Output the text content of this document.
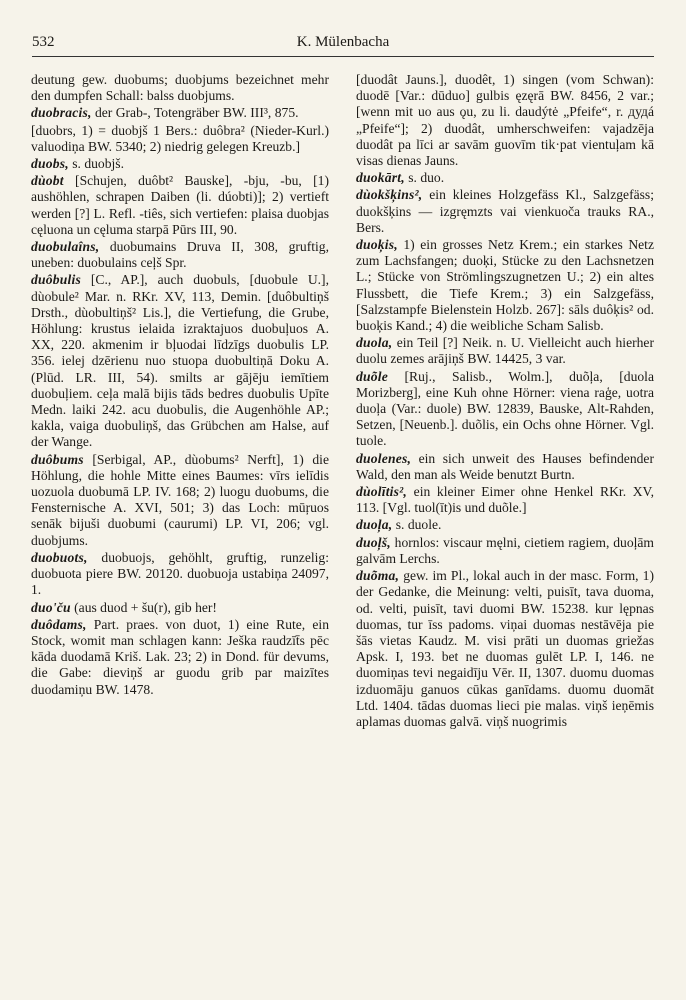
532	K. Mülenbacha

deutung gew. duobums; duobjums bezeichnet mehr den dumpfen Schall: balss duobjums.

duobracis, der Grab-, Totengräber BW. III³, 875.

[duobrs, 1) = duobjš 1 Bers.: duôbra² (Nieder-Kurl.) valuodiņa BW. 5340; 2) niedrig gelegen Kreuzb.]

duobs, s. duobjš.

dùobt [Schujen, duôbt² Bauske], -bju, -bu, [1) aushöhlen, schrapen Daiben (li. dúobti)]; 2) vertieft werden [?] L. Refl. -tiês, sich vertiefen: plaisa duobjas cęluona un cęluma starpā Pūrs III, 90.

duobulaîns, duobumains Druva II, 308, gruftig, uneben: duobulains ceļš Spr.

duôbulis [C., AP.], auch duobuls, [duobule U.], dùobule² Mar. n. RKr. XV, 113, Demin. [duôbultiņš Drsth., dùobultiņš² Lis.], die Vertiefung, die Grube, Höhlung: krustus ielaida izraktajuos duobuļuos A. XX, 220. akmenim ir bļuodai līdzīgs duobulis LP. 356. ielej dzērienu nuo stuopa duobultiņā Doku A. (Plūd. LR. III, 54). smilts ar gājēju iemītiem duobuļiem. ceļa malā bijis tāds bedres duobulis Upīte Medn. laiki 242. acu duobulis, die Augenhöhle AP.; kakla, vaiga duobuliņš, das Grübchen am Halse, auf der Wange.

duôbums [Serbigal, AP., dùobums² Nerft], 1) die Höhlung, die hohle Mitte eines Baumes: vīrs ielīdis uozuola duobumā LP. IV. 168; 2) luogu duobums, die Fensternische A. XVI, 501; 3) das Loch: mūŗuos senāk bijuši duobumi (caurumi) LP. VI, 206; vgl. duobjums.

duobuots, duobuojs, gehöhlt, gruftig, runzelig: duobuota piere BW. 20120. duobuoja ustabiņa 24097, 1.

duo'ču (aus duod + šu(r), gib her!

duôdams, Part. praes. von duot, 1) eine Rute, ein Stock, womit man schlagen kann: Ješka raudzīt̄s pēc kāda duodamā Kriš. Lak. 23; 2) in Dond. für devums, die Gabe: dieviņš ar guodu grib par maizītes duodamiņu BW. 1478.

[duodât Jauns.], duodêt, 1) singen (vom Schwan): duodē [Var.: dūduo] gulbis ęzęrā BW. 8456, 2 var.; [wenn mit uo aus ǫu, zu li. daudýtė „Pfeife“, r. дудá „Pfeife“]; 2) duodât, umherschweifen: vajadzēja duodât pa līci ar savām guovīm tik·pat vientuļam kā visas dienas Jauns.

duokārt, s. duo.

dùokšķins², ein kleines Holzgefäss Kl., Salzgefäss; duokšķins — izgręmzts vai vienkuoča trauks RA., Bers.

duoķis, 1) ein grosses Netz Krem.; ein starkes Netz zum Lachsfangen; duoķi, Stücke zu den Lachsnetzen L.; Stücke von Strömlingszugnetzen U.; 2) ein altes Flussbett, die Tiefe Krem.; 3) ein Salzgefäss, [Salzstampfe Bielenstein Holzb. 267]: sāls duôķis² od. buoķis Kand.; 4) die weibliche Scham Salisb.

duola, ein Teil [?] Neik. n. U. Vielleicht auch hierher duolu zemes arājiņš BW. 14425, 3 var.

duõle [Ruj., Salisb., Wolm.], duõļa, [duola Morizberg], eine Kuh ohne Hörner: viena raģe, uotra duoļa (Var.: duole) BW. 12839, Bauske, Alt-Rahden, Setzen, [Neuenb.]. duõlis, ein Ochs ohne Hörner. Vgl. tuole.

duolenes, ein sich unweit des Hauses befindender Wald, den man als Weide benutzt Burtn.

dùolītis², ein kleiner Eimer ohne Henkel RKr. XV, 113. [Vgl. tuol(īt)is und duõle.]

duoļa, s. duole.

duoļš, hornlos: viscaur męlni, cietiem ragiem, duoļām galvām Lerchs.

duõma, gew. im Pl., lokal auch in der masc. Form, 1) der Gedanke, die Meinung: velti, puisīt, tava duoma, od. velti, puisīt, tavi duomi BW. 15238. kur lępnas duomas, tur īss padoms. viņai duomas nestāvēja pie šās vietas Kaudz. M. visi prāti un duomas griežas Apsk. I, 193. bet ne duomas gulēt LP. I, 146. ne duomiņas tevi negaidīju Vēr. II, 1307. duomu duomas izduomāju ganuos cūkas ganīdams. duomu duomāt Ltd. 1404. tādas duomas lieci pie malas. viņš ieņēmis aplamas duomas galvā. viņš nuogrimis
